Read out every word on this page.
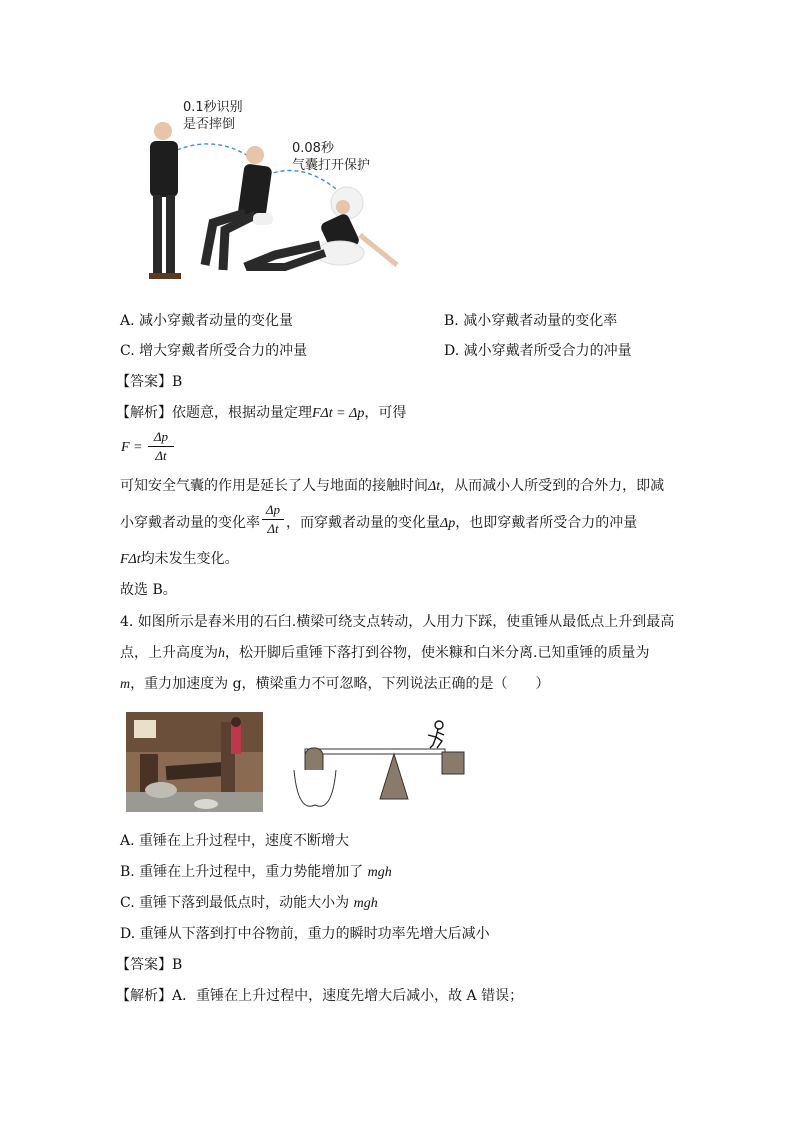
0.1秒识别
是否摔倒
0.08秒
气囊打开保护
A. 减小穿戴者动量的变化量	B. 减小穿戴者动量的变化率
C. 增大穿戴者所受合力的冲量	D. 减小穿戴者所受合力的冲量
【答案】B
【解析】依题意，根据动量定理FΔt = Δp，可得
F =
Δp
Δt
可知安全气囊的作用是延长了人与地面的接触时间Δt，从而减小人所受到的合外力，即减
小穿戴者动量的变化率
Δp
Δt ，而穿戴者动量的变化量Δp，也即穿戴者所受合力的冲量
FΔt均未发生变化。
故选 B。
4. 如图所示是舂米用的石臼.横梁可绕支点转动，人用力下踩，使重锤从最低点上升到最高
点，上升高度为h，松开脚后重锤下落打到谷物，使米糠和白米分离.已知重锤的质量为
m，重力加速度为 g，横梁重力不可忽略，下列说法正确的是（　　）
A. 重锤在上升过程中，速度不断增大
B. 重锤在上升过程中，重力势能增加了 mgh
C. 重锤下落到最低点时，动能大小为 mgh
D. 重锤从下落到打中谷物前，重力的瞬时功率先增大后减小
【答案】B
【解析】A．重锤在上升过程中，速度先增大后减小，故 A 错误；
